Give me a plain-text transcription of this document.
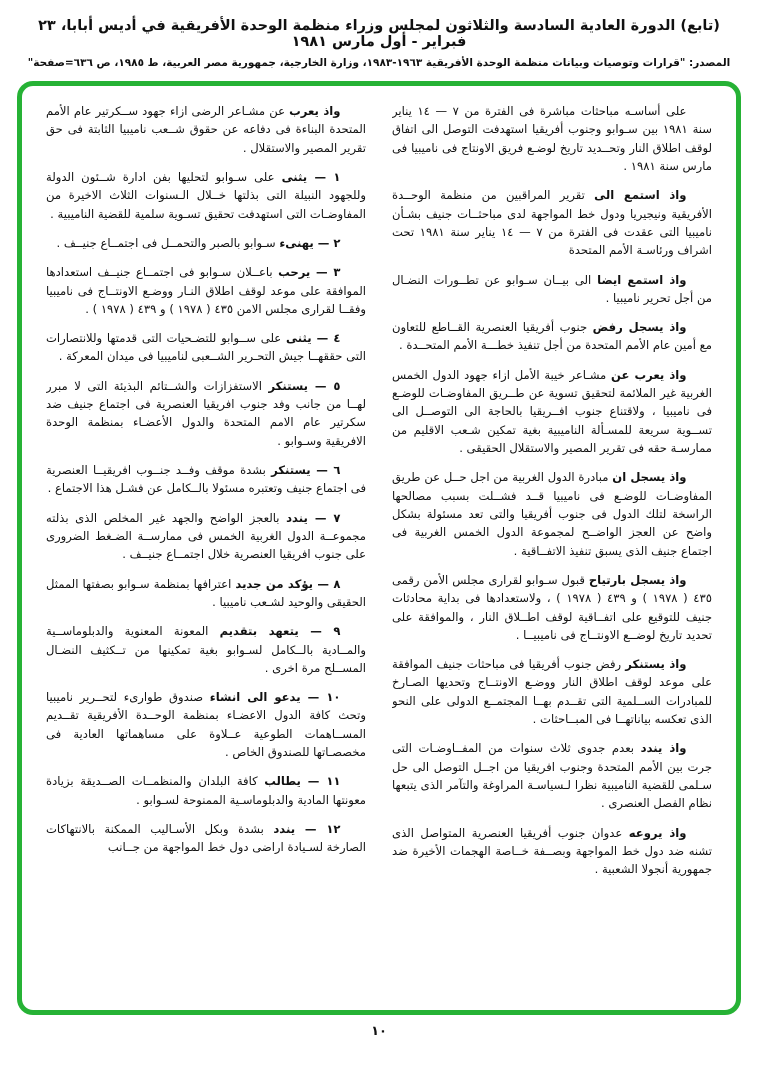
(تابع) الدورة العادية السادسة والثلاثون لمجلس وزراء منظمة الوحدة الأفريقية في أديس أبابا، ٢٣ فبراير - أول مارس ١٩٨١
المصدر: "قرارات وتوصيات وبيانات منظمة الوحدة الأفريقية ١٩٦٣-١٩٨٣، وزارة الخارجية، جمهورية مصر العربية، ط ١٩٨٥، ص ٦٣٦=صفحة"

على أساسـه مباحثات مباشرة فى الفترة من ٧ — ١٤ يناير سنة ١٩٨١ بين سـوابو وجنوب أفريقيا استهدفت التوصل الى اتفاق لوقف اطلاق النار وتحــديد تاريخ لوضـع فريق الاونتاج فى ناميبيا فى مارس سنة ١٩٨١ .

واذ استمع الى تقرير المراقبين من منظمة الوحــدة الأفريقية ونيجيريا ودول خط المواجهة لدى مباحثــات جنيف بشـأن ناميبيا التى عقدت فى الفترة من ٧ — ١٤ يناير سنة ١٩٨١ تحت اشراف ورئاسـة الأمم المتحدة

واذ استمع ايضا الى بيــان سـوابو عن تطــورات النضـال من أجل تحرير ناميبيا .

واذ يسجل رفض جنوب أفريقيا العنصرية القــاطع للتعاون مع أمين عام الأمم المتحدة من أجل تنفيذ خطـــة الأمم المتحــدة .

واذ يعرب عن مشـاعر خيبة الأمل ازاء جهود الدول الخمس الغربية غير الملائمة لتحقيق تسوية عن طــريق المفاوضـات للوضـع فى ناميبيا ، ولاقتناع جنوب افــريقيا بالحاجة الى التوصــل الى تســوية سريعة للمسـألة الناميبية بغية تمكين شـعب الاقليم من ممارسـة حقه فى تقرير المصير والاستقلال الحقيقى .

واذ يسجل ان مبادرة الدول الغربية من اجل حــل عن طريق المفاوضـات للوضـع فى ناميبيا قــد فشــلت بسبب مصالحها الراسخة لتلك الدول فى جنوب أفريقيا والتى تعد مسئولة بشكل واضح عن العجز الواضــح لمجموعة الدول الخمس الغربية فى اجتماع جنيف الذى يسبق تنفيذ الاتفــاقية .

واذ يسجل بارتياح قبول سـوابو لقرارى مجلس الأمن رقمى ٤٣٥ ( ١٩٧٨ ) و ٤٣٩ ( ١٩٧٨ ) ، ولاستعدادها فى بداية محادثات جنيف للتوقيع على اتفــاقية لوقف اطــلاق النار ، والموافقة على تحديد تاريخ لوضــع الاونتــاج فى ناميبيــا .

واذ يستنكر رفض جنوب أفريقيا فى مباحثات جنيف الموافقة على موعد لوقف اطلاق النار ووضـع الاونتــاج وتحديها الصـارخ للمبادرات الســلمية التى تقــدم بهــا المجتمــع الدولى على النحو الذى تعكسه بياناتهــا فى المبــاحثات .

واذ يندد بعدم جدوى ثلاث سنوات من المفــاوضـات التى جرت بين الأمم المتحدة وجنوب افريقيا من اجــل التوصل الى حل سـلمى للقضية الناميبية نظرا لـسياسـة المراوغة والتآمر الذى يتبعها نظام الفصل العنصرى .

واذ يروعه عدوان جنوب أفريقيا العنصرية المتواصل الذى تشنه ضد دول خط المواجهة وبصــفة خــاصة الهجمات الأخيرة ضد جمهورية أنجولا الشعبية .

واذ يعرب عن مشـاعر الرضى ازاء جهود ســكرتير عام الأمم المتحدة البناءة فى دفاعه عن حقوق شــعب ناميبيا الثابتة فى حق تقرير المصير والاستقلال .

١ — يثنى على سـوابو لتحليها بفن ادارة شــئون الدولة وللجهود النبيلة التى بذلتها خــلال الـسنوات الثلاث الاخيرة من المفاوضـات التى استهدفت تحقيق تسـوية سلمية للقضية الناميبية .

٢ — يهنىء سـوابو بالصبر والتحمــل فى اجتمــاع جنيــف .

٣ — يرحب باعــلان سـوابو فى اجتمــاع جنيــف استعدادها الموافقة على موعد لوقف اطلاق النـار ووضـع الاونتــاج فى ناميبيا وفقــا لقرارى مجلس الامن ٤٣٥ ( ١٩٧٨ ) و ٤٣٩ ( ١٩٧٨ ) .

٤ — يثنى على ســوابو للتضـحيات التى قدمتها وللانتصارات التى حققهــا جيش التحـرير الشــعبى لناميبيا فى ميدان المعركة .

٥ — يستنكر الاستفزازات والشــتائم البذيئة التى لا مبرر لهــا من جانب وفد جنوب افريقيا العنصرية فى اجتماع جنيف ضد سكرتير عام الامم المتحدة والدول الأعضـاء بمنظمة الوحدة الافريقية وسـوابو .

٦ — يستنكر بشدة موقف وفــد جنــوب افريقيــا العنصرية فى اجتماع جنيف وتعتبره مسئولا بالــكامل عن فشـل هذا الاجتماع .

٧ — يندد بالعجز الواضح والجهد غير المخلص الذى بذلته مجموعــة الدول الغربية الخمس فى ممارســة الضـغط الضرورى على جنوب افريقيا العنصرية خلال اجتمــاع جنيــف .

٨ — يؤكد من جديد اعترافها بمنظمة سـوابو بصفتها الممثل الحقيقى والوحيد لشـعب ناميبيا .

٩ — يتعهد بتقديم المعونة المعنوية والدبلوماســية والمــادية بالــكامل لسـوابو بغية تمكينها من تــكثيف النضـال المســلح مرة اخرى .

١٠ — يدعو الى انشاء صندوق طوارىء لتحــرير ناميبيا وتحث كافة الدول الاعضـاء بمنظمة الوحــدة الأفريقية تقــديم المســاهمات الطوعية عــلاوة على مساهماتها العادية فى مخصصـاتها للصندوق الخاص .

١١ — يطالب كافة البلدان والمنظمــات الصــديقة بزيادة معونتها المادية والدبلوماسـية الممنوحة لسـوابو .

١٢ — يندد بشدة وبكل الأسـاليب الممكنة بالانتهاكات الصارخة لسـيادة اراضى دول خط المواجهة من جــانب

١٠
